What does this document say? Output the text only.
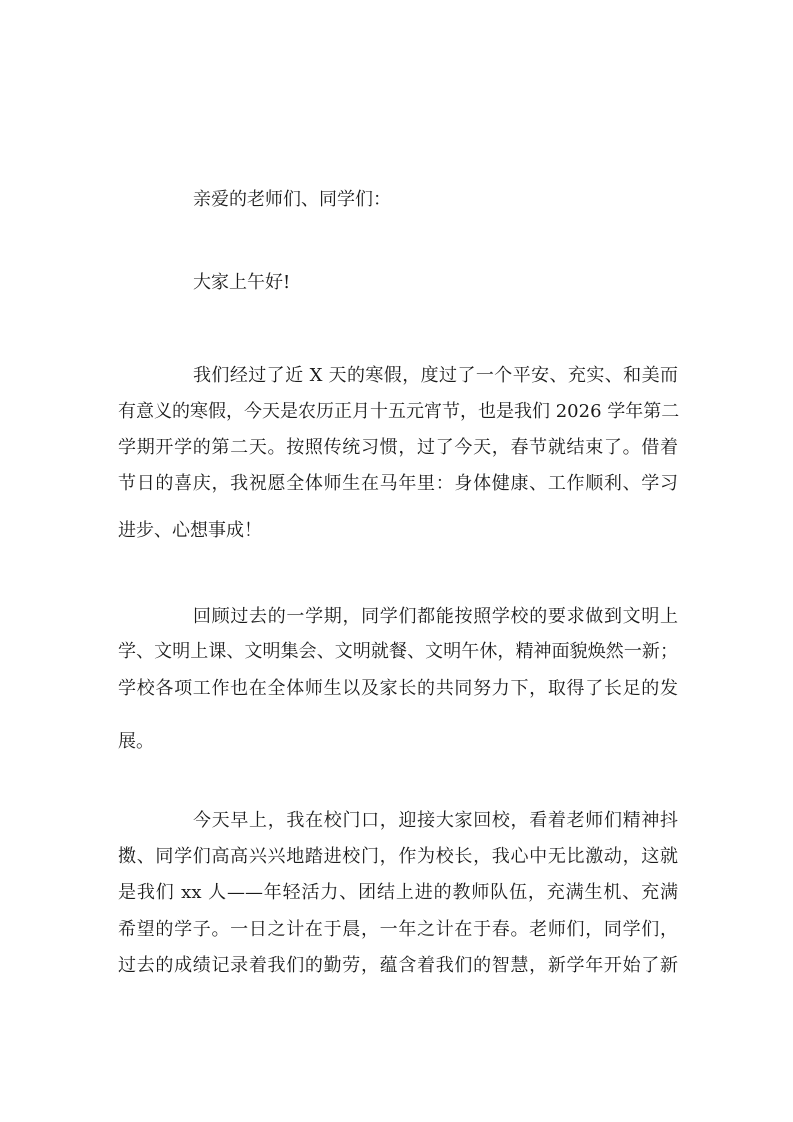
亲爱的老师们、同学们：
大家上午好!
我们经过了近 X 天的寒假，度过了一个平安、充实、和美而
有意义的寒假，今天是农历正月十五元宵节，也是我们 2026 学年第二
学期开学的第二天。按照传统习惯，过了今天，春节就结束了。借着
节日的喜庆，我祝愿全体师生在马年里：身体健康、工作顺利、学习
进步、心想事成！
回顾过去的一学期，同学们都能按照学校的要求做到文明上
学、文明上课、文明集会、文明就餐、文明午休，精神面貌焕然一新；
学校各项工作也在全体师生以及家长的共同努力下，取得了长足的发
展。
今天早上，我在校门口，迎接大家回校，看着老师们精神抖
擞、同学们高高兴兴地踏进校门，作为校长，我心中无比激动，这就
是我们 xx 人——年轻活力、团结上进的教师队伍，充满生机、充满
希望的学子。一日之计在于晨，一年之计在于春。老师们，同学们，
过去的成绩记录着我们的勤劳，蕴含着我们的智慧，新学年开始了新
